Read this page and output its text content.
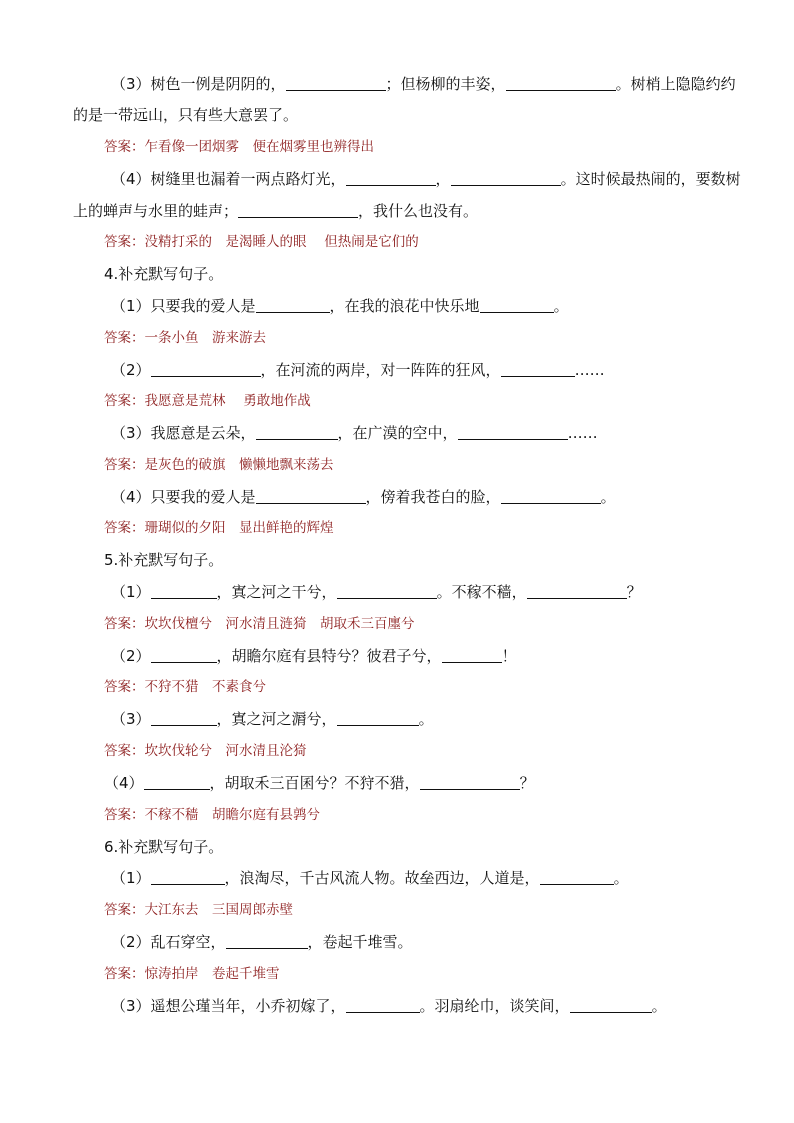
（3）树色一例是阴阴的，	；但杨柳的丰姿，	。树梢上隐隐约约
的是一带远山，只有些大意罢了。
答案：乍看像一团烟雾　便在烟雾里也辨得出
（4）树缝里也漏着一两点路灯光，	，	。这时候最热闹的，要数树
上的蝉声与水里的蛙声；	，我什么也没有。
答案：没精打采的　是渴睡人的眼　 但热闹是它们的
4.补充默写句子。
（1）只要我的爱人是	，在我的浪花中快乐地	。
答案：一条小鱼　游来游去
（2）	，在河流的两岸，对一阵阵的狂风，	……
答案：我愿意是荒林　 勇敢地作战
（3）我愿意是云朵，	，在广漠的空中，	……
答案：是灰色的破旗　懒懒地飘来荡去
（4）只要我的爱人是	，傍着我苍白的脸，	。
答案：珊瑚似的夕阳　显出鲜艳的辉煌
5.补充默写句子。
（1）	，寘之河之干兮，	。不稼不穑，	？
答案：坎坎伐檀兮　河水清且涟猗　胡取禾三百廛兮
（2）	，胡瞻尔庭有县特兮？彼君子兮，	！
答案：不狩不猎　不素食兮
（3）	，寘之河之漘兮，	。
答案：坎坎伐轮兮　河水清且沦猗
（4）	，胡取禾三百囷兮？不狩不猎，	？
答案：不稼不穑　胡瞻尔庭有县鹑兮
6.补充默写句子。
（1）	，浪淘尽，千古风流人物。故垒西边，人道是，	。
答案：大江东去　三国周郎赤壁
（2）乱石穿空，	，卷起千堆雪。
答案：惊涛拍岸　卷起千堆雪
（3）遥想公瑾当年，小乔初嫁了，	。羽扇纶巾，谈笑间，	。
